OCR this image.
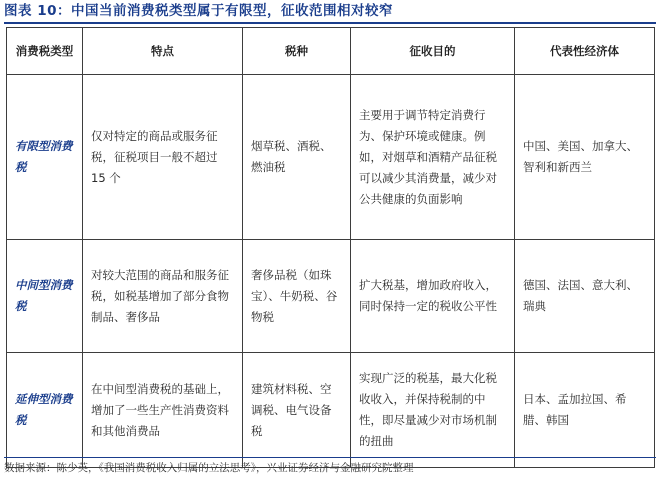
图表 10：中国当前消费税类型属于有限型，征收范围相对较窄
消费税类型	特点	税种	征收目的	代表性经济体
有限型消费税	仅对特定的商品或服务征税，征税项目一般不超过 15 个	烟草税、酒税、燃油税	主要用于调节特定消费行为、保护环境或健康。例如，对烟草和酒精产品征税可以减少其消费量，减少对公共健康的负面影响	中国、美国、加拿大、智利和新西兰
中间型消费税	对较大范围的商品和服务征税，如税基增加了部分食物制品、奢侈品	奢侈品税（如珠宝）、牛奶税、谷物税	扩大税基，增加政府收入，同时保持一定的税收公平性	德国、法国、意大利、瑞典
延伸型消费税	在中间型消费税的基础上，增加了一些生产性消费资料和其他消费品	建筑材料税、空调税、电气设备税	实现广泛的税基，最大化税收收入，并保持税制的中性，即尽量减少对市场机制的扭曲	日本、孟加拉国、希腊、韩国
数据来源：陈少英，《我国消费税收入归属的立法思考》，兴业证券经济与金融研究院整理
